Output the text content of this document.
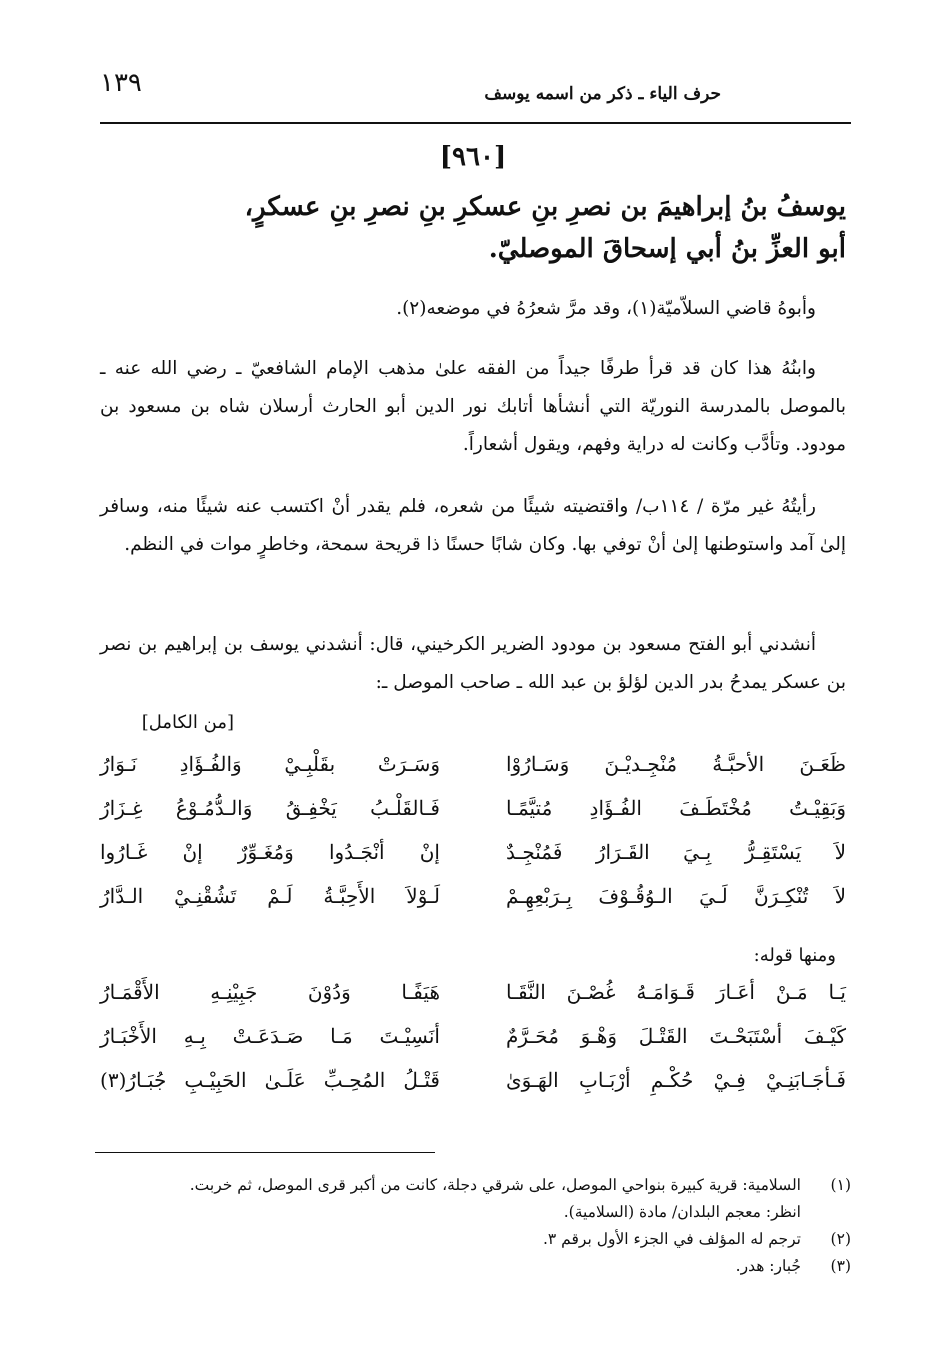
١٣٩	حرف الياء ـ ذكر من اسمه يوسف
[٩٦٠]
يوسفُ بنُ إبراهيمَ بن نصرِ بنِ عسكرِ بنِ نصرِ بنِ عسكرٍ،
أبو العزِّ بنُ أبي إسحاقَ الموصليّ.
وأبوهُ قاضي السلاّميّة(١)، وقد مرَّ شعرُهُ في موضعه(٢).
وابنُهُ هذا كان قد قرأ طرفًا جيداً من الفقه علىٰ مذهب الإمام الشافعيّ ـ رضي الله عنه ـ بالموصل بالمدرسة النوريّة التي أنشأها أتابك نور الدين أبو الحارث أرسلان شاه بن مسعود بن مودود. وتأدَّب وكانت له دراية وفهم، ويقول أشعاراً.
رأيتُهُ غير مرّة / ١١٤ب/ واقتضيته شيئًا من شعره، فلم يقدر أنْ اكتسب عنه شيئًا منه، وسافر إلىٰ آمد واستوطنها إلىٰ أنْ توفي بها. وكان شابًا حسنًا ذا قريحة سمحة، وخاطرٍ موات في النظم.
أنشدني أبو الفتح مسعود بن مودود الضرير الكرخيني، قال: أنشدني يوسف بن إبراهيم بن نصر بن عسكر يمدحُ بدر الدين لؤلؤ بن عبد الله ـ صاحب الموصل ـ:
[من الكامل]
ظَعَـنَ الأحبَّـةُ مُنْجِـديْـنَ وَسَـارُوْا
وَسَـرَتْ بقَلْبِـيْ وَالفُـؤَادِ نَـوَارُ
وَبَقِيْـتُ مُخْتَطَـفَ الفُـؤَادِ مُتيَّمًـا
فَـالقَلْـبُ يَخْفِـقُ وَالـدُّمُـوْعُ غِـزَارُ
لاَ يَسْتَقِـرُّ بِـيَ القَـرَارُ فَمُنْجِـدٌ
إنْ أنْجَـدُوا وَمُغَـوِّرٌ إنْ غَـارُوا
لاَ تُنْكِـرَنَّ لَـيَ الـوُقُـوْفَ بِـرَبْعِهِـمْ
لَـوْلاَ الأَحِبَّـةُ لَـمْ تَشُقْنِـيْ الـدَّارُ
ومنها قوله:
يَـا مَـنْ أعَـارَ قَـوَامَـهُ غُصْـنَ النَّقَـا
هَيَفًـا وَدُوْنَ جَبِيْنِـهِ الأَقْمَـارُ
كَيْـفَ أسْتَبَحْـتَ القَتْـلَ وَهْـوَ مُحَـرَّمٌ
أنَسِيْـتَ مَـا صَـدَعَـتْ بِـهِ الأَخْبَـارُ
فَـأجَـابَنِـيْ فِـيْ حُكْـمِ أرْبَـابِ الهَـوَىٰ
قَتْـلُ المُحِـبِّ عَلَـىٰ الحَبِيْـبِ جُبَـارُ(٣)
(١)
السلامية: قرية كبيرة بنواحي الموصل، على شرقي دجلة، كانت من أكبر قرى الموصل، ثم خربت.
انظر: معجم البلدان/ مادة (السلامية).
(٢)
ترجم له المؤلف في الجزء الأول برقم ٣.
(٣)
جُبار: هدر.
